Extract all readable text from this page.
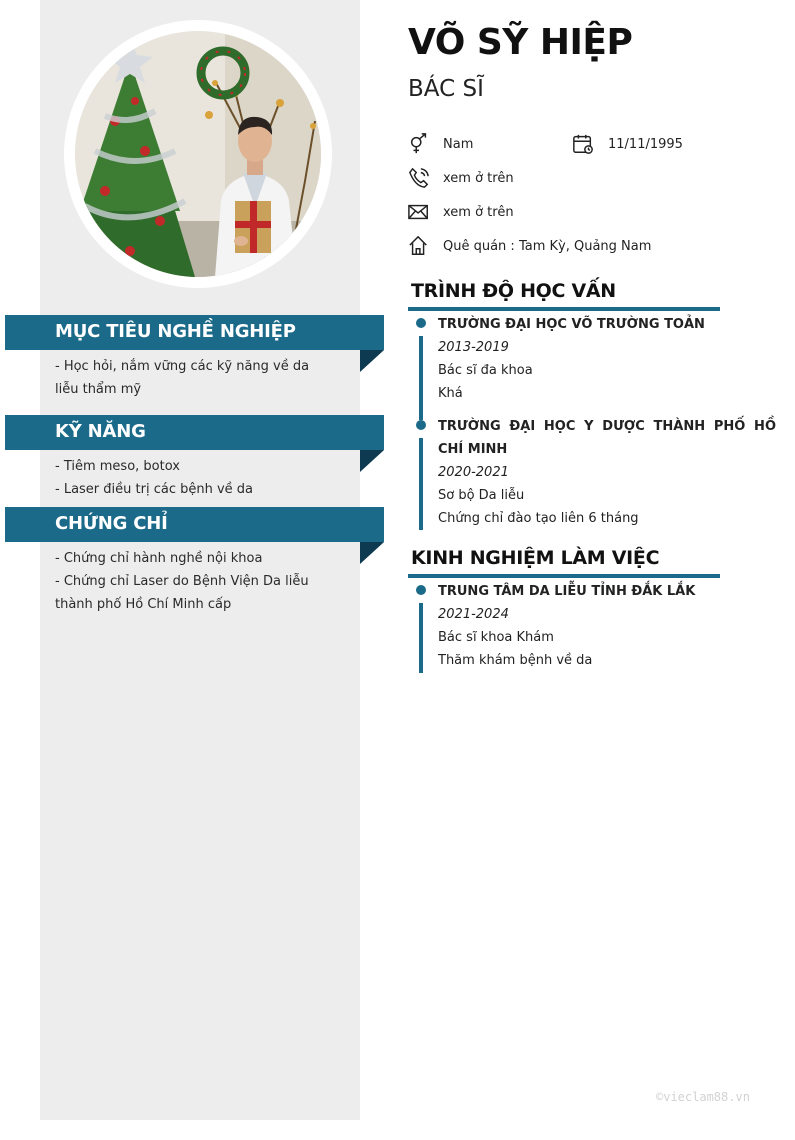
MỤC TIÊU NGHỀ NGHIỆP
- Học hỏi, nắm vững các kỹ năng về da
liễu thẩm mỹ
KỸ NĂNG
- Tiêm meso, botox
- Laser điều trị các bệnh về da
CHỨNG CHỈ
- Chứng chỉ hành nghề nội khoa
- Chứng chỉ Laser do Bệnh Viện Da liễu
thành phố Hồ Chí Minh cấp
VÕ SỸ HIỆP
BÁC SĨ
Nam	11/11/1995
xem ở trên
xem ở trên
Quê quán : Tam Kỳ, Quảng Nam
TRÌNH ĐỘ HỌC VẤN
TRƯỜNG ĐẠI HỌC VÕ TRƯỜNG TOẢN
2013-2019
Bác sĩ đa khoa
Khá
TRƯỜNG ĐẠI HỌC Y DƯỢC THÀNH PHỐ HỒ CHÍ MINH
2020-2021
Sơ bộ Da liễu
Chứng chỉ đào tạo liên 6 tháng
KINH NGHIỆM LÀM VIỆC
TRUNG TÂM DA LIỄU TỈNH ĐẮK LẮK
2021-2024
Bác sĩ khoa Khám
Thăm khám bệnh về da
©vieclam88.vn
